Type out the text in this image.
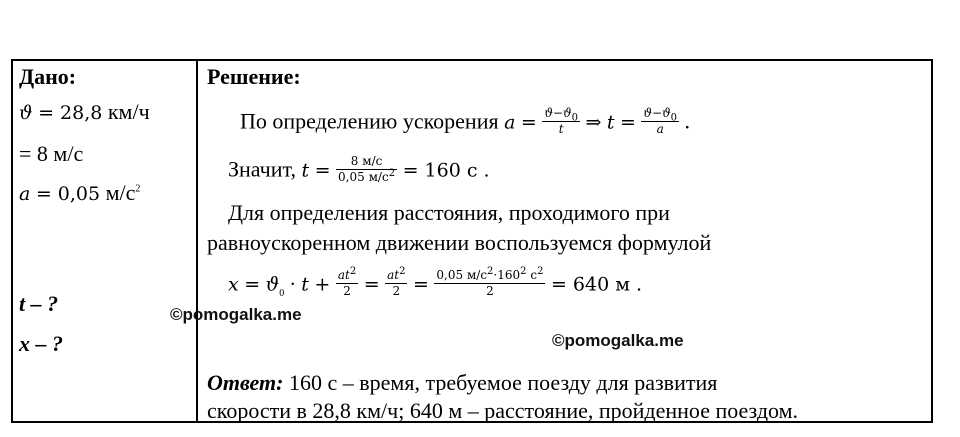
Дано:
ϑ = 28,8 км/ч
= 8 м/с
a = 0,05 $м/с^2$
t – ?
x – ?
Решение:
По определению ускорения $a = \frac{ϑ-ϑ_0}{t}$ ⇒ $t = \frac{ϑ-ϑ_0}{a}$ .
Значит, $t = \frac{8 м/с}{0,05 м/с^2} = 160$ с .
Для определения расстояния, проходимого при
равноускоренном движении воспользуемся формулой
$x = ϑ_0 \cdot t + \frac{at^2}{2} = \frac{at^2}{2} = \frac{0,05 м/с^2\cdot 160^2 с^2}{2} = 640$ м .
Ответ: 160 с – время, требуемое поезду для развития
скорости в 28,8 км/ч; 640 м – расстояние, пройденное поездом.
©pomogalka.me
©pomogalka.me
